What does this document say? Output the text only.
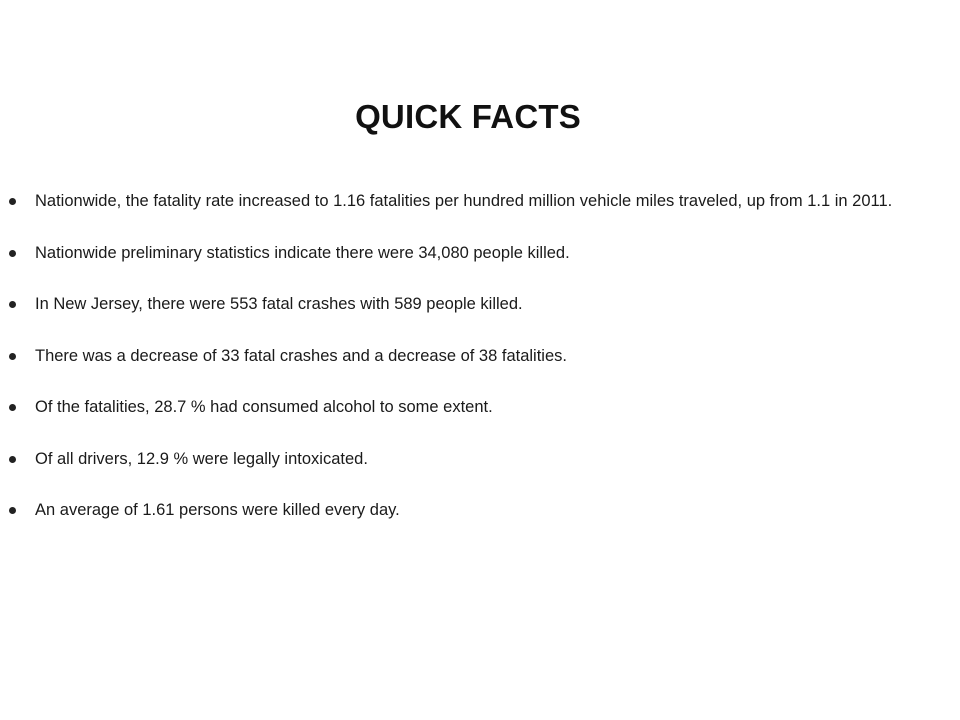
QUICK FACTS
Nationwide, the fatality rate increased to 1.16 fatalities per hundred million vehicle miles traveled, up from 1.1 in 2011.
Nationwide preliminary statistics indicate there were 34,080 people killed.
In New Jersey, there were 553 fatal crashes with 589 people killed.
There was a decrease of 33 fatal crashes and a decrease of 38 fatalities.
Of the fatalities, 28.7 % had consumed alcohol to some extent.
Of all drivers, 12.9 % were legally intoxicated.
An average of 1.61 persons were killed every day.
